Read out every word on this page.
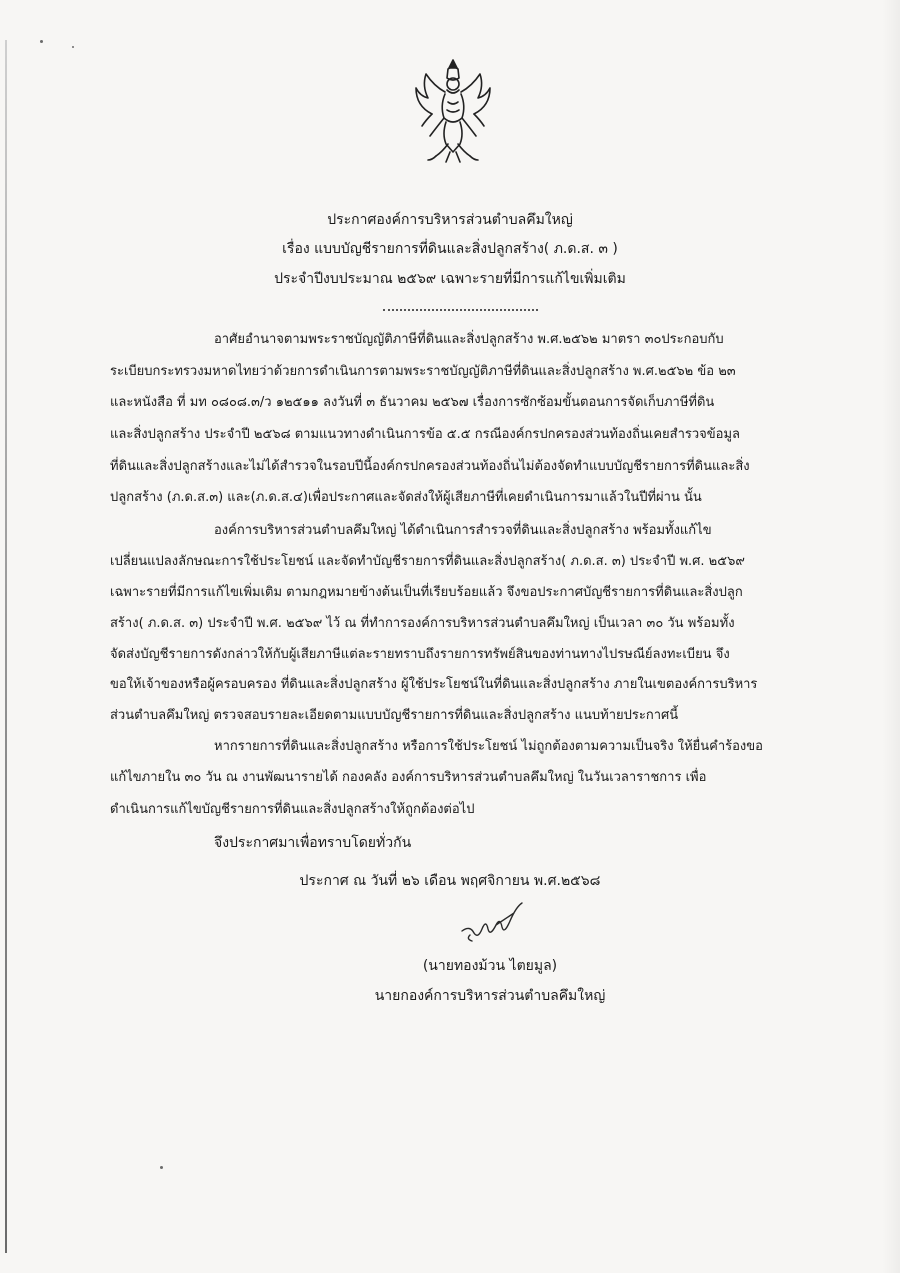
ประกาศองค์การบริหารส่วนตำบลคึมใหญ่
เรื่อง แบบบัญชีรายการที่ดินและสิ่งปลูกสร้าง( ภ.ด.ส. ๓ )
ประจำปีงบประมาณ ๒๕๖๙ เฉพาะรายที่มีการแก้ไขเพิ่มเติม
อาศัยอำนาจตามพระราชบัญญัติภาษีที่ดินและสิ่งปลูกสร้าง พ.ศ.๒๕๖๒ มาตรา ๓๐ประกอบกับ
ระเบียบกระทรวงมหาดไทยว่าด้วยการดำเนินการตามพระราชบัญญัติภาษีที่ดินและสิ่งปลูกสร้าง พ.ศ.๒๕๖๒ ข้อ ๒๓
และหนังสือ ที่ มท ๐๘๐๘.๓/ว ๑๒๕๑๑ ลงวันที่ ๓ ธันวาคม ๒๕๖๗ เรื่องการซักซ้อมขั้นตอนการจัดเก็บภาษีที่ดิน
และสิ่งปลูกสร้าง ประจำปี ๒๕๖๘ ตามแนวทางดำเนินการข้อ ๕.๕ กรณีองค์กรปกครองส่วนท้องถิ่นเคยสำรวจข้อมูล
ที่ดินและสิ่งปลูกสร้างและไม่ได้สำรวจในรอบปีนี้องค์กรปกครองส่วนท้องถิ่นไม่ต้องจัดทำแบบบัญชีรายการที่ดินและสิ่ง
ปลูกสร้าง (ภ.ด.ส.๓) และ(ภ.ด.ส.๔)เพื่อประกาศและจัดส่งให้ผู้เสียภาษีที่เคยดำเนินการมาแล้วในปีที่ผ่าน นั้น
องค์การบริหารส่วนตำบลคึมใหญ่ ได้ดำเนินการสำรวจที่ดินและสิ่งปลูกสร้าง พร้อมทั้งแก้ไข
เปลี่ยนแปลงลักษณะการใช้ประโยชน์ และจัดทำบัญชีรายการที่ดินและสิ่งปลูกสร้าง( ภ.ด.ส. ๓) ประจำปี พ.ศ. ๒๕๖๙
เฉพาะรายที่มีการแก้ไขเพิ่มเติม ตามกฎหมายข้างต้นเป็นที่เรียบร้อยแล้ว จึงขอประกาศบัญชีรายการที่ดินและสิ่งปลูก
สร้าง( ภ.ด.ส. ๓) ประจำปี พ.ศ. ๒๕๖๙ ไว้ ณ ที่ทำการองค์การบริหารส่วนตำบลคึมใหญ่ เป็นเวลา ๓๐ วัน พร้อมทั้ง
จัดส่งบัญชีรายการดังกล่าวให้กับผู้เสียภาษีแต่ละรายทราบถึงรายการทรัพย์สินของท่านทางไปรษณีย์ลงทะเบียน จึง
ขอให้เจ้าของหรือผู้ครอบครอง ที่ดินและสิ่งปลูกสร้าง ผู้ใช้ประโยชน์ในที่ดินและสิ่งปลูกสร้าง ภายในเขตองค์การบริหาร
ส่วนตำบลคึมใหญ่ ตรวจสอบรายละเอียดตามแบบบัญชีรายการที่ดินและสิ่งปลูกสร้าง แนบท้ายประกาศนี้
หากรายการที่ดินและสิ่งปลูกสร้าง หรือการใช้ประโยชน์ ไม่ถูกต้องตามความเป็นจริง ให้ยื่นคำร้องขอ
แก้ไขภายใน ๓๐ วัน ณ งานพัฒนารายได้ กองคลัง องค์การบริหารส่วนตำบลคึมใหญ่ ในวันเวลาราชการ เพื่อ
ดำเนินการแก้ไขบัญชีรายการที่ดินและสิ่งปลูกสร้างให้ถูกต้องต่อไป
จึงประกาศมาเพื่อทราบโดยทั่วกัน
ประกาศ ณ วันที่ ๒๖ เดือน พฤศจิกายน พ.ศ.๒๕๖๘
(นายทองม้วน ไตยมูล)
นายกองค์การบริหารส่วนตำบลคึมใหญ่
